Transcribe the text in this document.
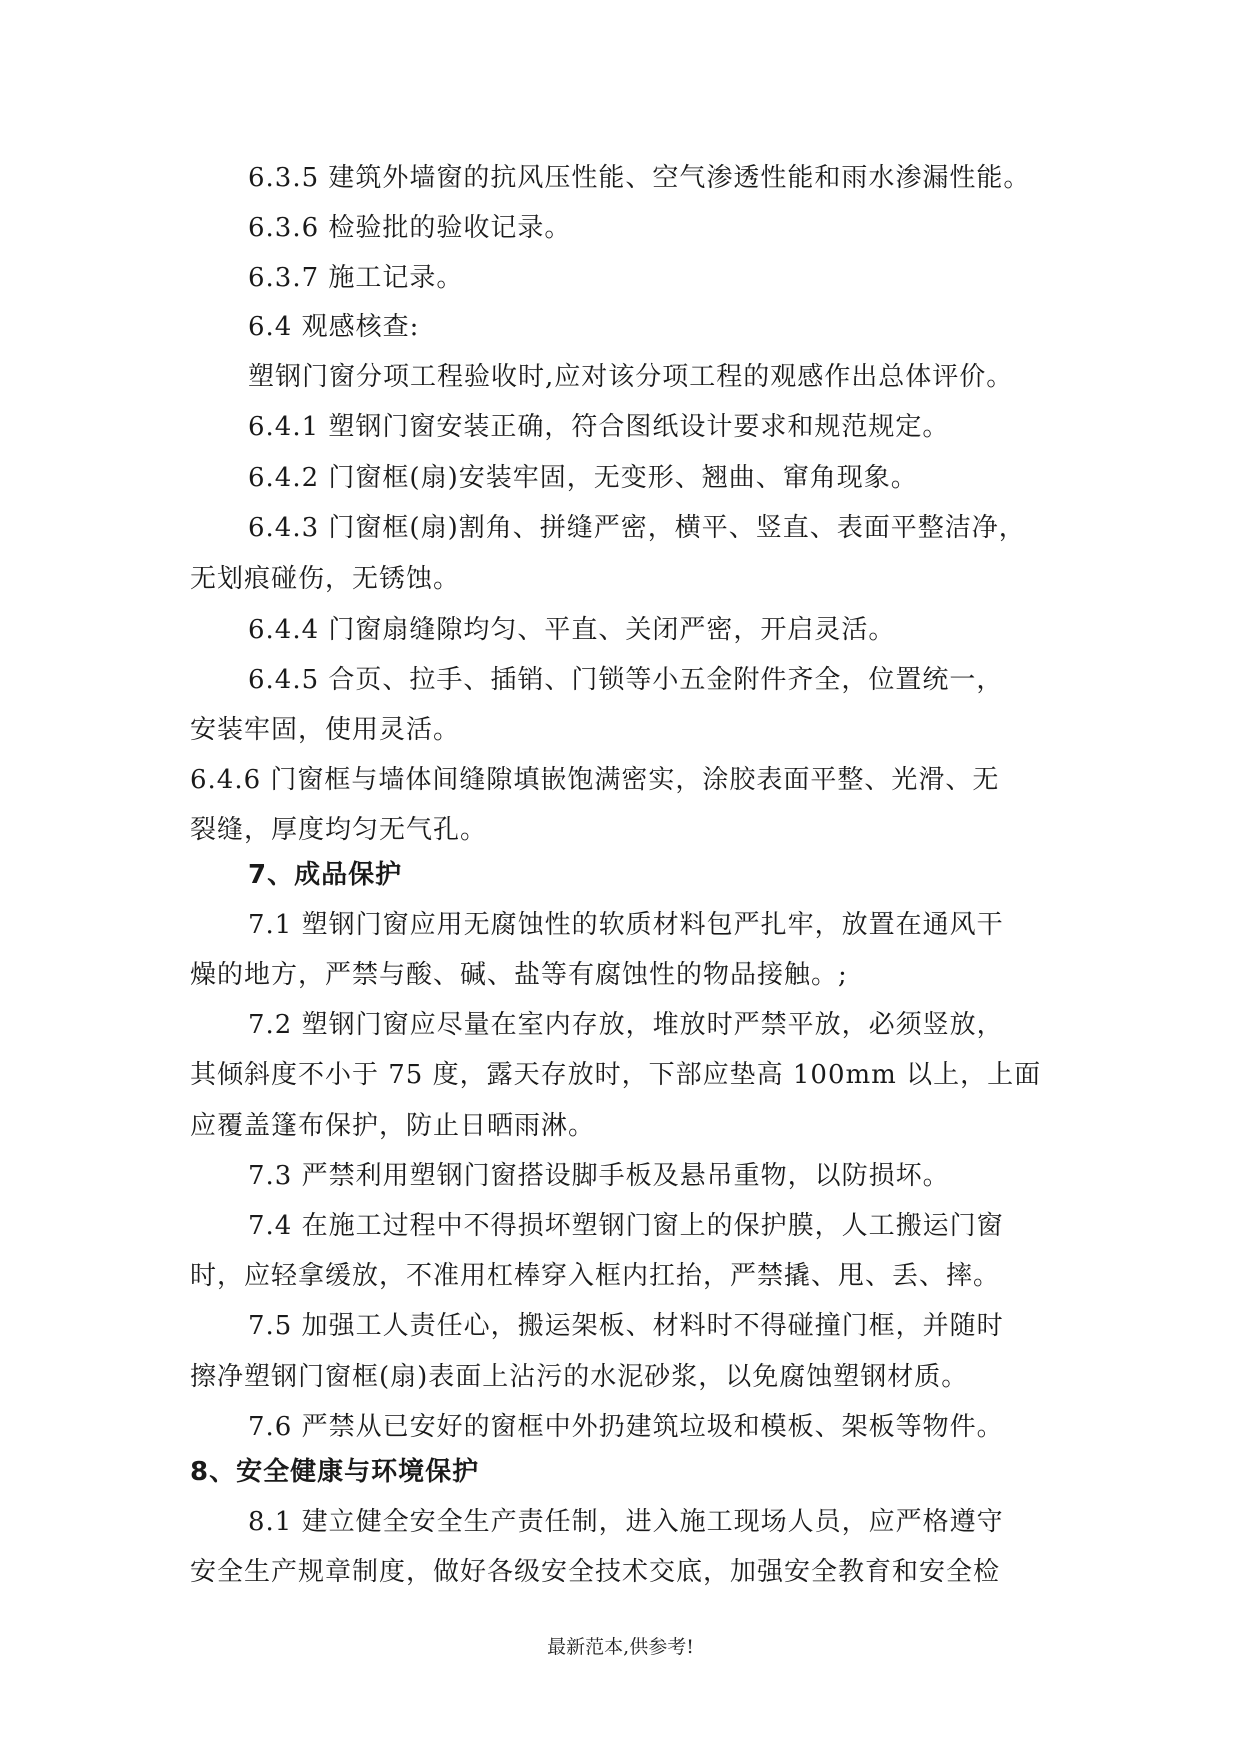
6.3.5 建筑外墙窗的抗风压性能、空气渗透性能和雨水渗漏性能。
6.3.6 检验批的验收记录。
6.3.7 施工记录。
6.4 观感核查:
塑钢门窗分项工程验收时,应对该分项工程的观感作出总体评价。
6.4.1 塑钢门窗安装正确，符合图纸设计要求和规范规定。
6.4.2 门窗框(扇)安装牢固，无变形、翘曲、窜角现象。
6.4.3 门窗框(扇)割角、拼缝严密，横平、竖直、表面平整洁净，
无划痕碰伤，无锈蚀。
6.4.4 门窗扇缝隙均匀、平直、关闭严密，开启灵活。
6.4.5 合页、拉手、插销、门锁等小五金附件齐全，位置统一，
安装牢固，使用灵活。
6.4.6 门窗框与墙体间缝隙填嵌饱满密实，涂胶表面平整、光滑、无
裂缝，厚度均匀无气孔。
7、成品保护
7.1 塑钢门窗应用无腐蚀性的软质材料包严扎牢，放置在通风干
燥的地方，严禁与酸、碱、盐等有腐蚀性的物品接触。;
7.2 塑钢门窗应尽量在室内存放，堆放时严禁平放，必须竖放，
其倾斜度不小于 75 度，露天存放时，下部应垫高 100mm 以上，上面
应覆盖篷布保护，防止日晒雨淋。
7.3 严禁利用塑钢门窗搭设脚手板及悬吊重物，以防损坏。
7.4 在施工过程中不得损坏塑钢门窗上的保护膜，人工搬运门窗
时，应轻拿缓放，不准用杠棒穿入框内扛抬，严禁撬、甩、丢、摔。
7.5 加强工人责任心，搬运架板、材料时不得碰撞门框，并随时
擦净塑钢门窗框(扇)表面上沾污的水泥砂浆，以免腐蚀塑钢材质。
7.6 严禁从已安好的窗框中外扔建筑垃圾和模板、架板等物件。
8、安全健康与环境保护
8.1 建立健全安全生产责任制，进入施工现场人员，应严格遵守
安全生产规章制度，做好各级安全技术交底，加强安全教育和安全检
最新范本,供参考!
